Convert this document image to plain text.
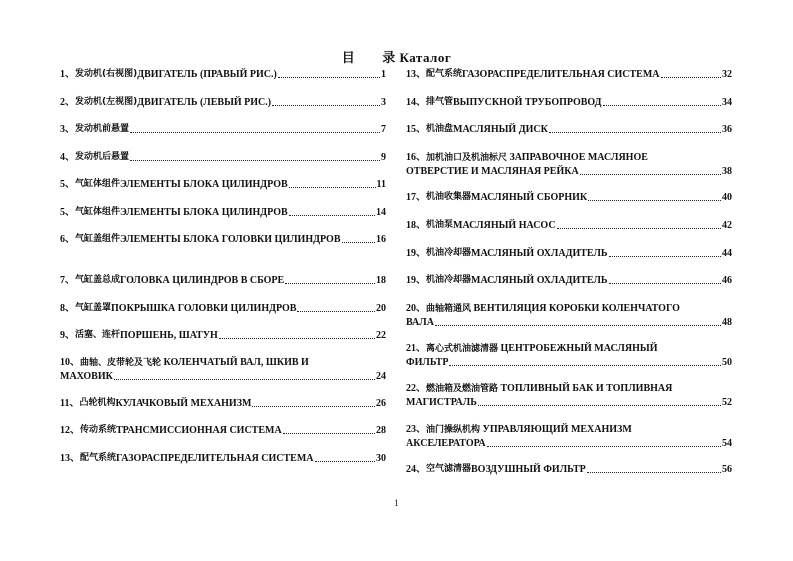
目　　录 Каталог
1、 发动机(右视图) ДВИГАТЕЛЬ (ПРАВЫЙ РИС.)	1
2、 发动机(左视图) ДВИГАТЕЛЬ (ЛЕВЫЙ РИС.)	3
3、 发动机前悬置	7
4、 发动机后悬置	9
5、 气缸体组件 ЭЛЕМЕНТЫ БЛОКА ЦИЛИНДРОВ	11
5、 气缸体组件 ЭЛЕМЕНТЫ БЛОКА ЦИЛИНДРОВ	14
6、 气缸盖组件 ЭЛЕМЕНТЫ БЛОКА ГОЛОВКИ ЦИЛИНДРОВ	16
7、 气缸盖总成 ГОЛОВКА ЦИЛИНДРОВ В СБОРЕ	18
8、 气缸盖罩 ПОКРЫШКА ГОЛОВКИ ЦИЛИНДРОВ	20
9、 活塞、连杆 ПОРШЕНЬ, ШАТУН	22
10、曲轴、皮带轮及飞轮 КОЛЕНЧАТЫЙ ВАЛ, ШКИВ И
МАХОВИК	24
11、 凸轮机构 КУЛАЧКОВЫЙ МЕХАНИЗМ	26
12、 传动系统 ТРАНСМИССИОННАЯ СИСТЕМА	28
13、 配气系统 ГАЗОРАСПРЕДЕЛИТЕЛЬНАЯ СИСТЕМА	30
13、 配气系统 ГАЗОРАСПРЕДЕЛИТЕЛЬНАЯ СИСТЕМА	32
14、 排气管 ВЫПУСКНОЙ ТРУБОПРОВОД	34
15、 机油盘 МАСЛЯНЫЙ ДИСК	36
16、加机油口及机油标尺 ЗАПРАВОЧНОЕ МАСЛЯНОЕ
ОТВЕРСТИЕ И МАСЛЯНАЯ РЕЙКА	38
17、 机油收集器 МАСЛЯНЫЙ СБОРНИК	40
18、 机油泵 МАСЛЯНЫЙ НАСОС	42
19、 机油冷却器 МАСЛЯНЫЙ ОХЛАДИТЕЛЬ	44
19、 机油冷却器 МАСЛЯНЫЙ ОХЛАДИТЕЛЬ	46
20、曲轴箱通风 ВЕНТИЛЯЦИЯ КОРОБКИ КОЛЕНЧАТОГО
ВАЛА	48
21、离心式机油滤清器 ЦЕНТРОБЕЖНЫЙ МАСЛЯНЫЙ
ФИЛЬТР	50
22、燃油箱及燃油管路 ТОПЛИВНЫЙ БАК И ТОПЛИВНАЯ
МАГИСТРАЛЬ	52
23、油门操纵机构 УПРАВЛЯЮЩИЙ МЕХАНИЗМ
АКСЕЛЕРАТОРА	54
24、 空气滤清器 ВОЗДУШНЫЙ ФИЛЬТР	56
1
